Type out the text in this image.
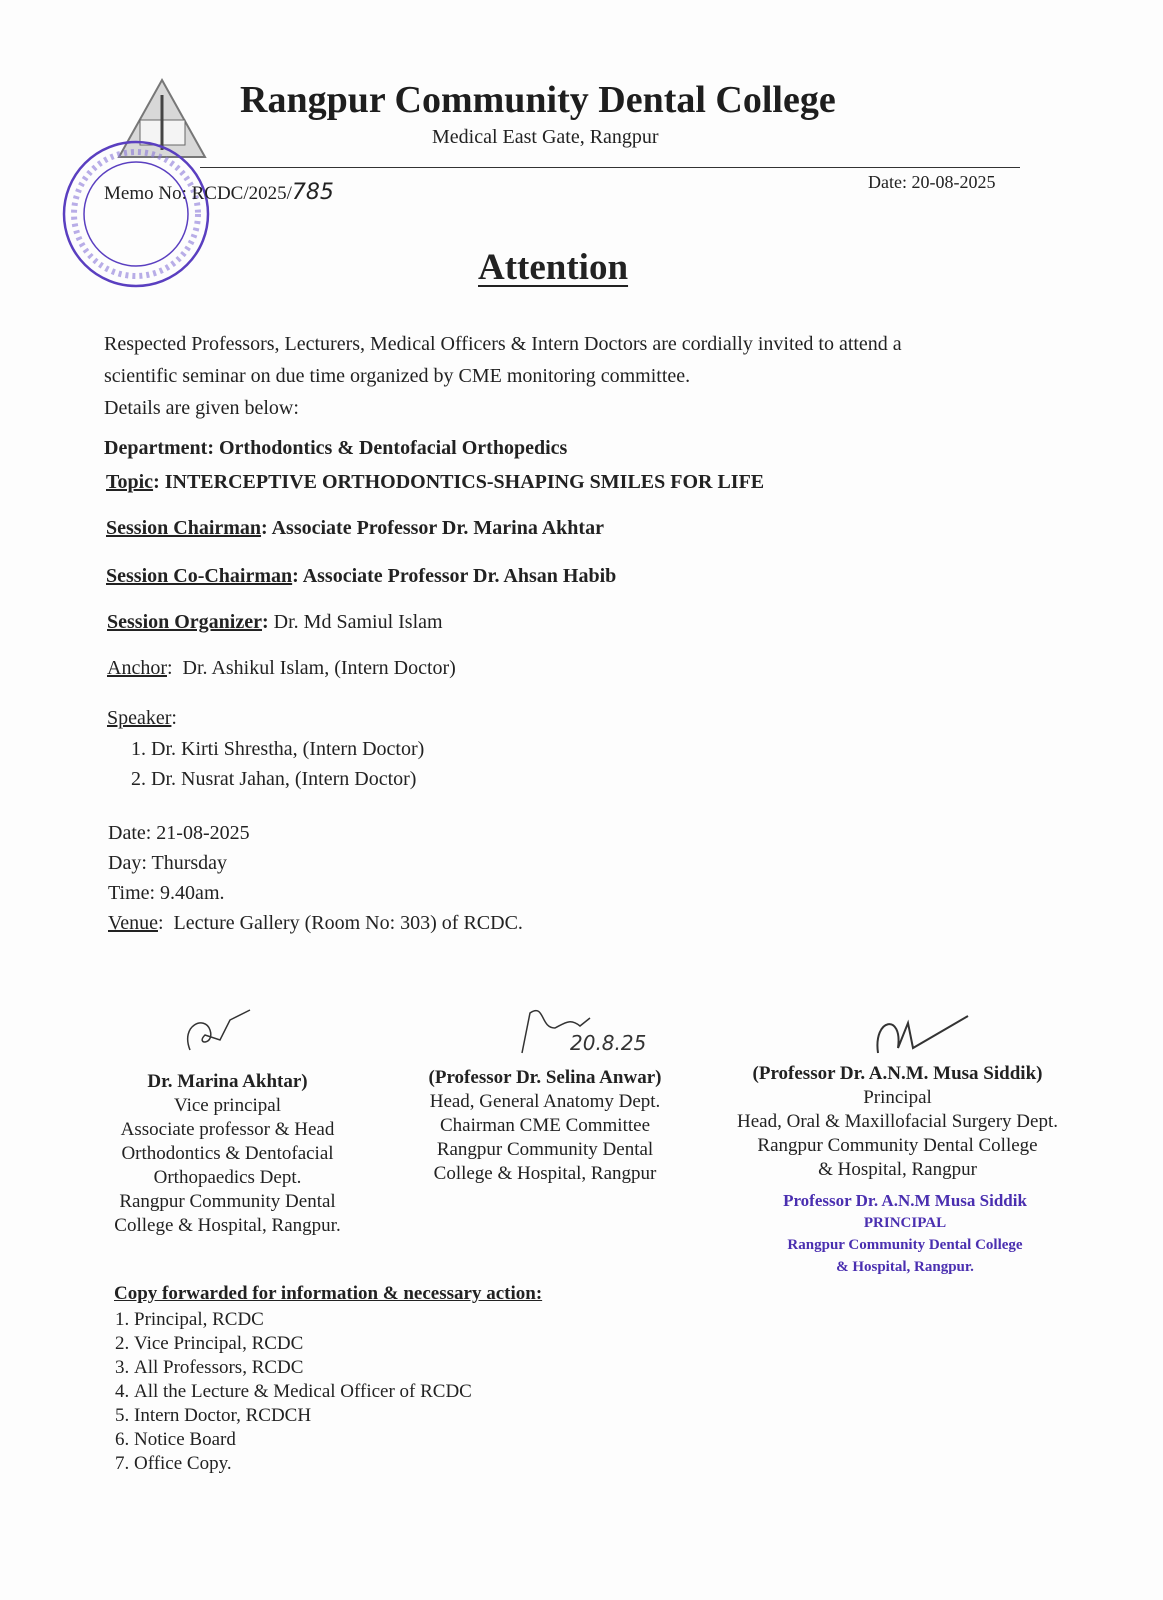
Rangpur Community Dental College
Medical East Gate, Rangpur
Memo No: RCDC/2025/785	Date: 20-08-2025
Attention
Respected Professors, Lecturers, Medical Officers & Intern Doctors are cordially invited to attend a
scientific seminar on due time organized by CME monitoring committee.
Details are given below:
Department: Orthodontics & Dentofacial Orthopedics
Topic: INTERCEPTIVE ORTHODONTICS-SHAPING SMILES FOR LIFE
Session Chairman: Associate Professor Dr. Marina Akhtar
Session Co-Chairman: Associate Professor Dr. Ahsan Habib
Session Organizer: Dr. Md Samiul Islam
Anchor:  Dr. Ashikul Islam, (Intern Doctor)
Speaker:
1. Dr. Kirti Shrestha, (Intern Doctor)
2. Dr. Nusrat Jahan, (Intern Doctor)
Date: 21-08-2025
Day: Thursday
Time: 9.40am.
Venue:  Lecture Gallery (Room No: 303) of RCDC.
20.8.25
Dr. Marina Akhtar)
Vice principal
Associate professor & Head
Orthodontics & Dentofacial
Orthopaedics Dept.
Rangpur Community Dental
College & Hospital, Rangpur.
(Professor Dr. Selina Anwar)
Head, General Anatomy Dept.
Chairman CME Committee
Rangpur Community Dental
College & Hospital, Rangpur
(Professor Dr. A.N.M. Musa Siddik)
Principal
Head, Oral & Maxillofacial Surgery Dept.
Rangpur Community Dental College
& Hospital, Rangpur
Professor Dr. A.N.M Musa Siddik
PRINCIPAL
Rangpur Community Dental College
& Hospital, Rangpur.
Copy forwarded for information & necessary action:
1. Principal, RCDC
2. Vice Principal, RCDC
3. All Professors, RCDC
4. All the Lecture & Medical Officer of RCDC
5. Intern Doctor, RCDCH
6. Notice Board
7. Office Copy.
